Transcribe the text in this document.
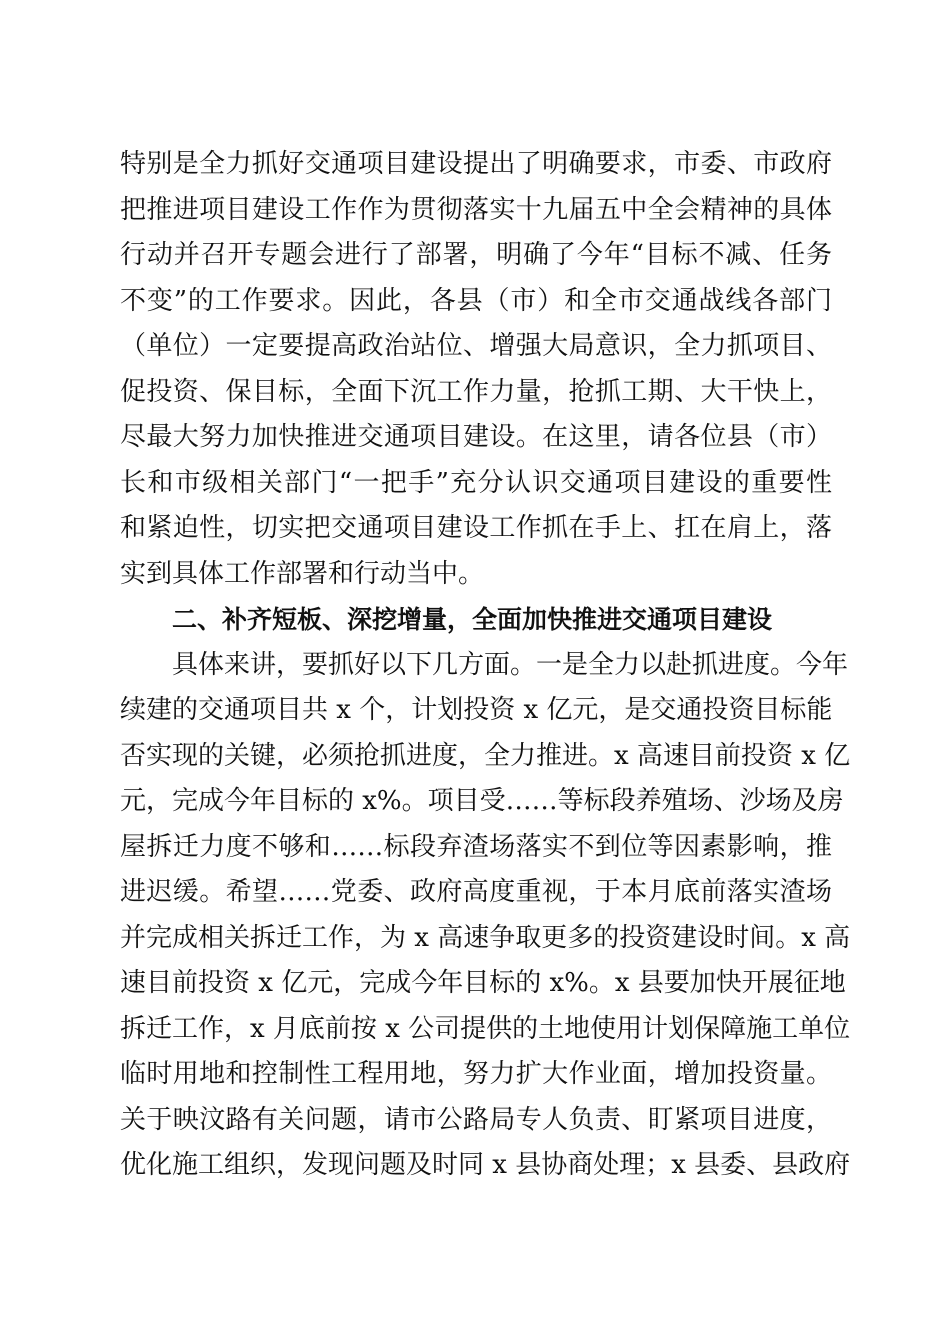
特别是全力抓好交通项目建设提出了明确要求，市委、市政府
把推进项目建设工作作为贯彻落实十九届五中全会精神的具体
行动并召开专题会进行了部署，明确了今年“目标不减、任务
不变”的工作要求。因此，各县（市）和全市交通战线各部门
（单位）一定要提高政治站位、增强大局意识，全力抓项目、
促投资、保目标，全面下沉工作力量，抢抓工期、大干快上，
尽最大努力加快推进交通项目建设。在这里，请各位县（市）
长和市级相关部门“一把手”充分认识交通项目建设的重要性
和紧迫性，切实把交通项目建设工作抓在手上、扛在肩上，落
实到具体工作部署和行动当中。
二、补齐短板、深挖增量，全面加快推进交通项目建设
具体来讲，要抓好以下几方面。一是全力以赴抓进度。今年
续建的交通项目共 x 个，计划投资 x 亿元，是交通投资目标能
否实现的关键，必须抢抓进度，全力推进。x 高速目前投资 x 亿
元，完成今年目标的 x%。项目受……等标段养殖场、沙场及房
屋拆迁力度不够和……标段弃渣场落实不到位等因素影响，推
进迟缓。希望……党委、政府高度重视，于本月底前落实渣场
并完成相关拆迁工作，为 x 高速争取更多的投资建设时间。x 高
速目前投资 x 亿元，完成今年目标的 x%。x 县要加快开展征地
拆迁工作，x 月底前按 x 公司提供的土地使用计划保障施工单位
临时用地和控制性工程用地，努力扩大作业面，增加投资量。
关于映汶路有关问题，请市公路局专人负责、盯紧项目进度，
优化施工组织，发现问题及时同 x 县协商处理；x 县委、县政府
